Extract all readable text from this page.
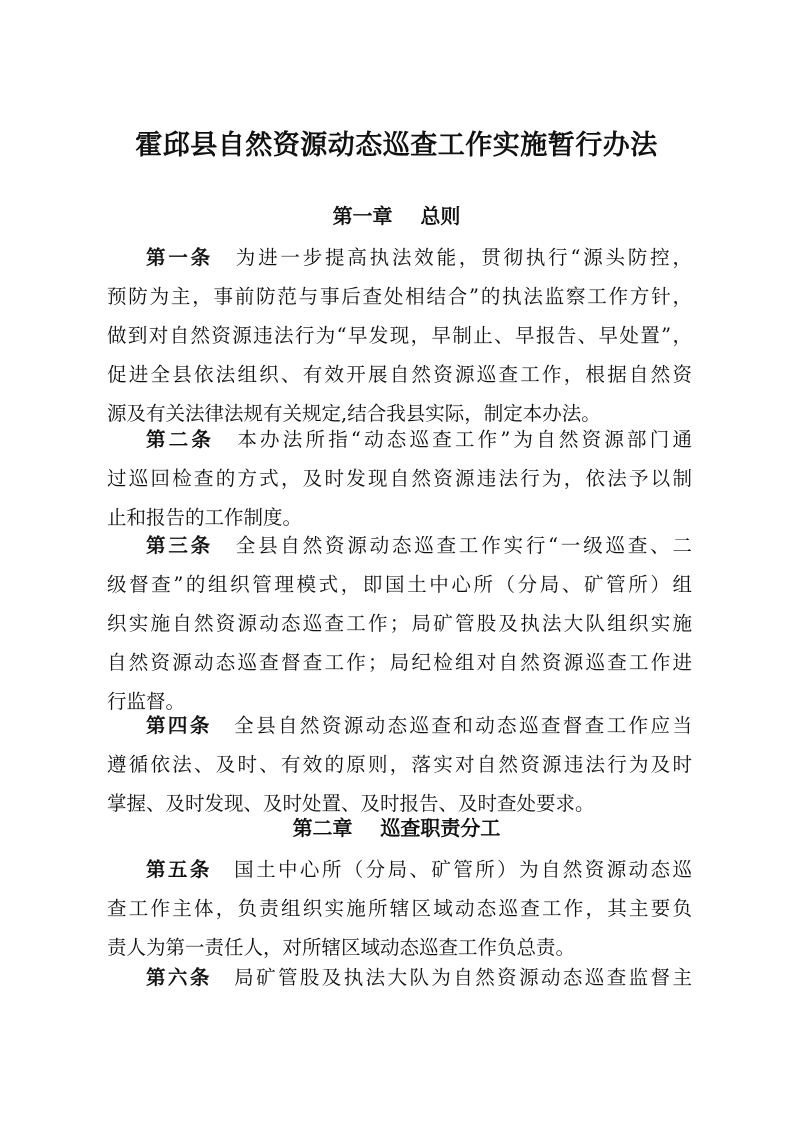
霍邱县自然资源动态巡查工作实施暂行办法
第一章    总则
第一条 为进一步提高执法效能，贯彻执行“源头防控，
预防为主，事前防范与事后查处相结合”的执法监察工作方针，
做到对自然资源违法行为“早发现，早制止、早报告、早处置”，
促进全县依法组织、有效开展自然资源巡查工作，根据自然资
源及有关法律法规有关规定,结合我县实际，制定本办法。
第二条 本办法所指“动态巡查工作”为自然资源部门通
过巡回检查的方式，及时发现自然资源违法行为，依法予以制
止和报告的工作制度。
第三条 全县自然资源动态巡查工作实行“一级巡查、二
级督查”的组织管理模式，即国土中心所（分局、矿管所）组
织实施自然资源动态巡查工作；局矿管股及执法大队组织实施
自然资源动态巡查督查工作；局纪检组对自然资源巡查工作进
行监督。
第四条 全县自然资源动态巡查和动态巡查督查工作应当
遵循依法、及时、有效的原则，落实对自然资源违法行为及时
掌握、及时发现、及时处置、及时报告、及时查处要求。
第二章    巡查职责分工
第五条 国土中心所（分局、矿管所）为自然资源动态巡
查工作主体，负责组织实施所辖区域动态巡查工作，其主要负
责人为第一责任人，对所辖区域动态巡查工作负总责。
第六条 局矿管股及执法大队为自然资源动态巡查监督主
